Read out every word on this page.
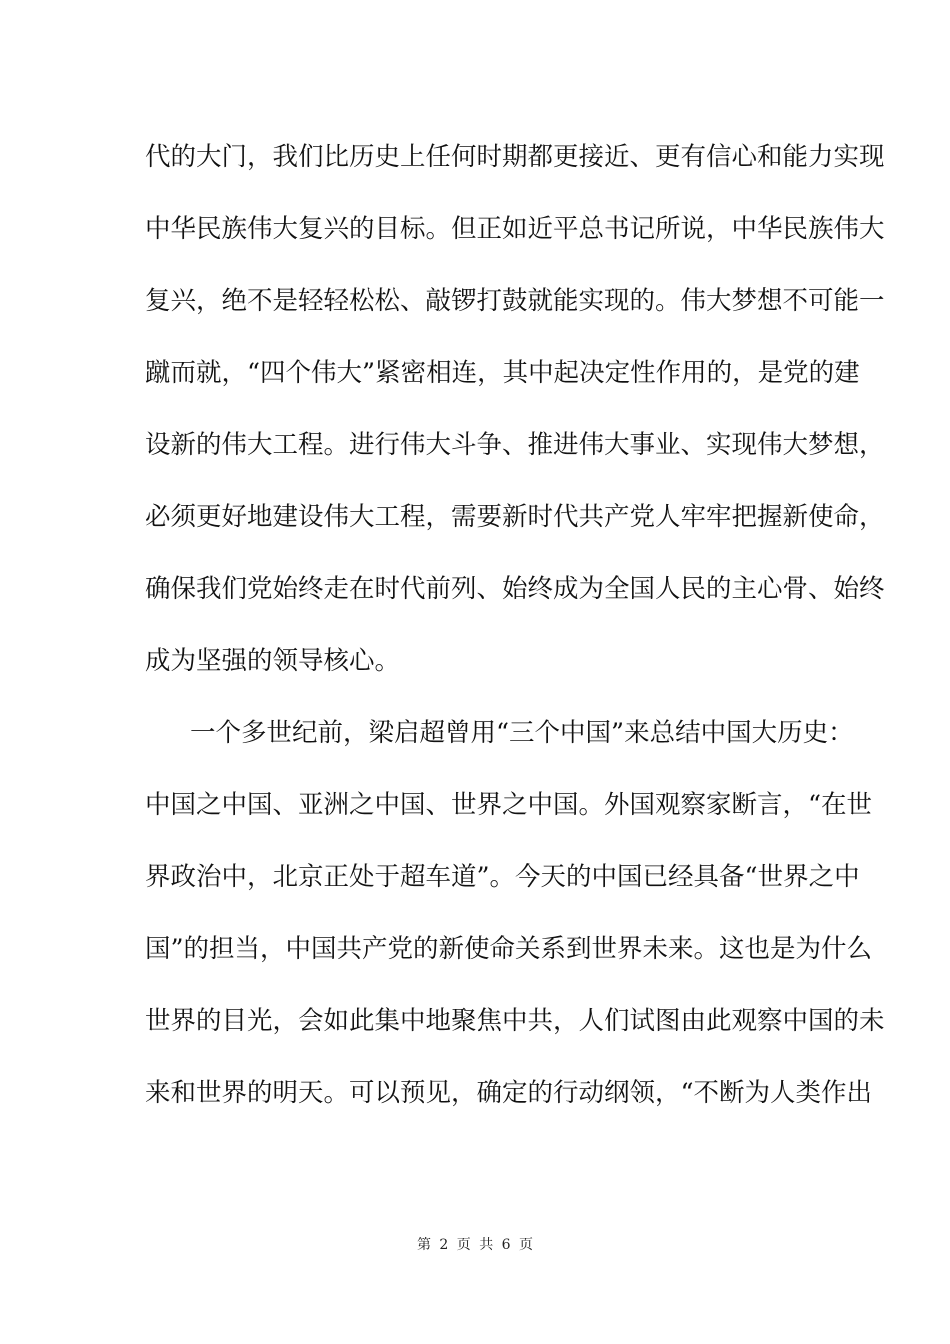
代的大门，我们比历史上任何时期都更接近、更有信心和能力实现
中华民族伟大复兴的目标。但正如近平总书记所说，中华民族伟大
复兴，绝不是轻轻松松、敲锣打鼓就能实现的。伟大梦想不可能一
蹴而就，“四个伟大”紧密相连，其中起决定性作用的，是党的建
设新的伟大工程。进行伟大斗争、推进伟大事业、实现伟大梦想，
必须更好地建设伟大工程，需要新时代共产党人牢牢把握新使命，
确保我们党始终走在时代前列、始终成为全国人民的主心骨、始终
成为坚强的领导核心。
一个多世纪前，梁启超曾用“三个中国”来总结中国大历史：
中国之中国、亚洲之中国、世界之中国。外国观察家断言，“在世
界政治中，北京正处于超车道”。今天的中国已经具备“世界之中
国”的担当，中国共产党的新使命关系到世界未来。这也是为什么
世界的目光，会如此集中地聚焦中共，人们试图由此观察中国的未
来和世界的明天。可以预见，确定的行动纲领，“不断为人类作出
第 2 页 共 6 页
